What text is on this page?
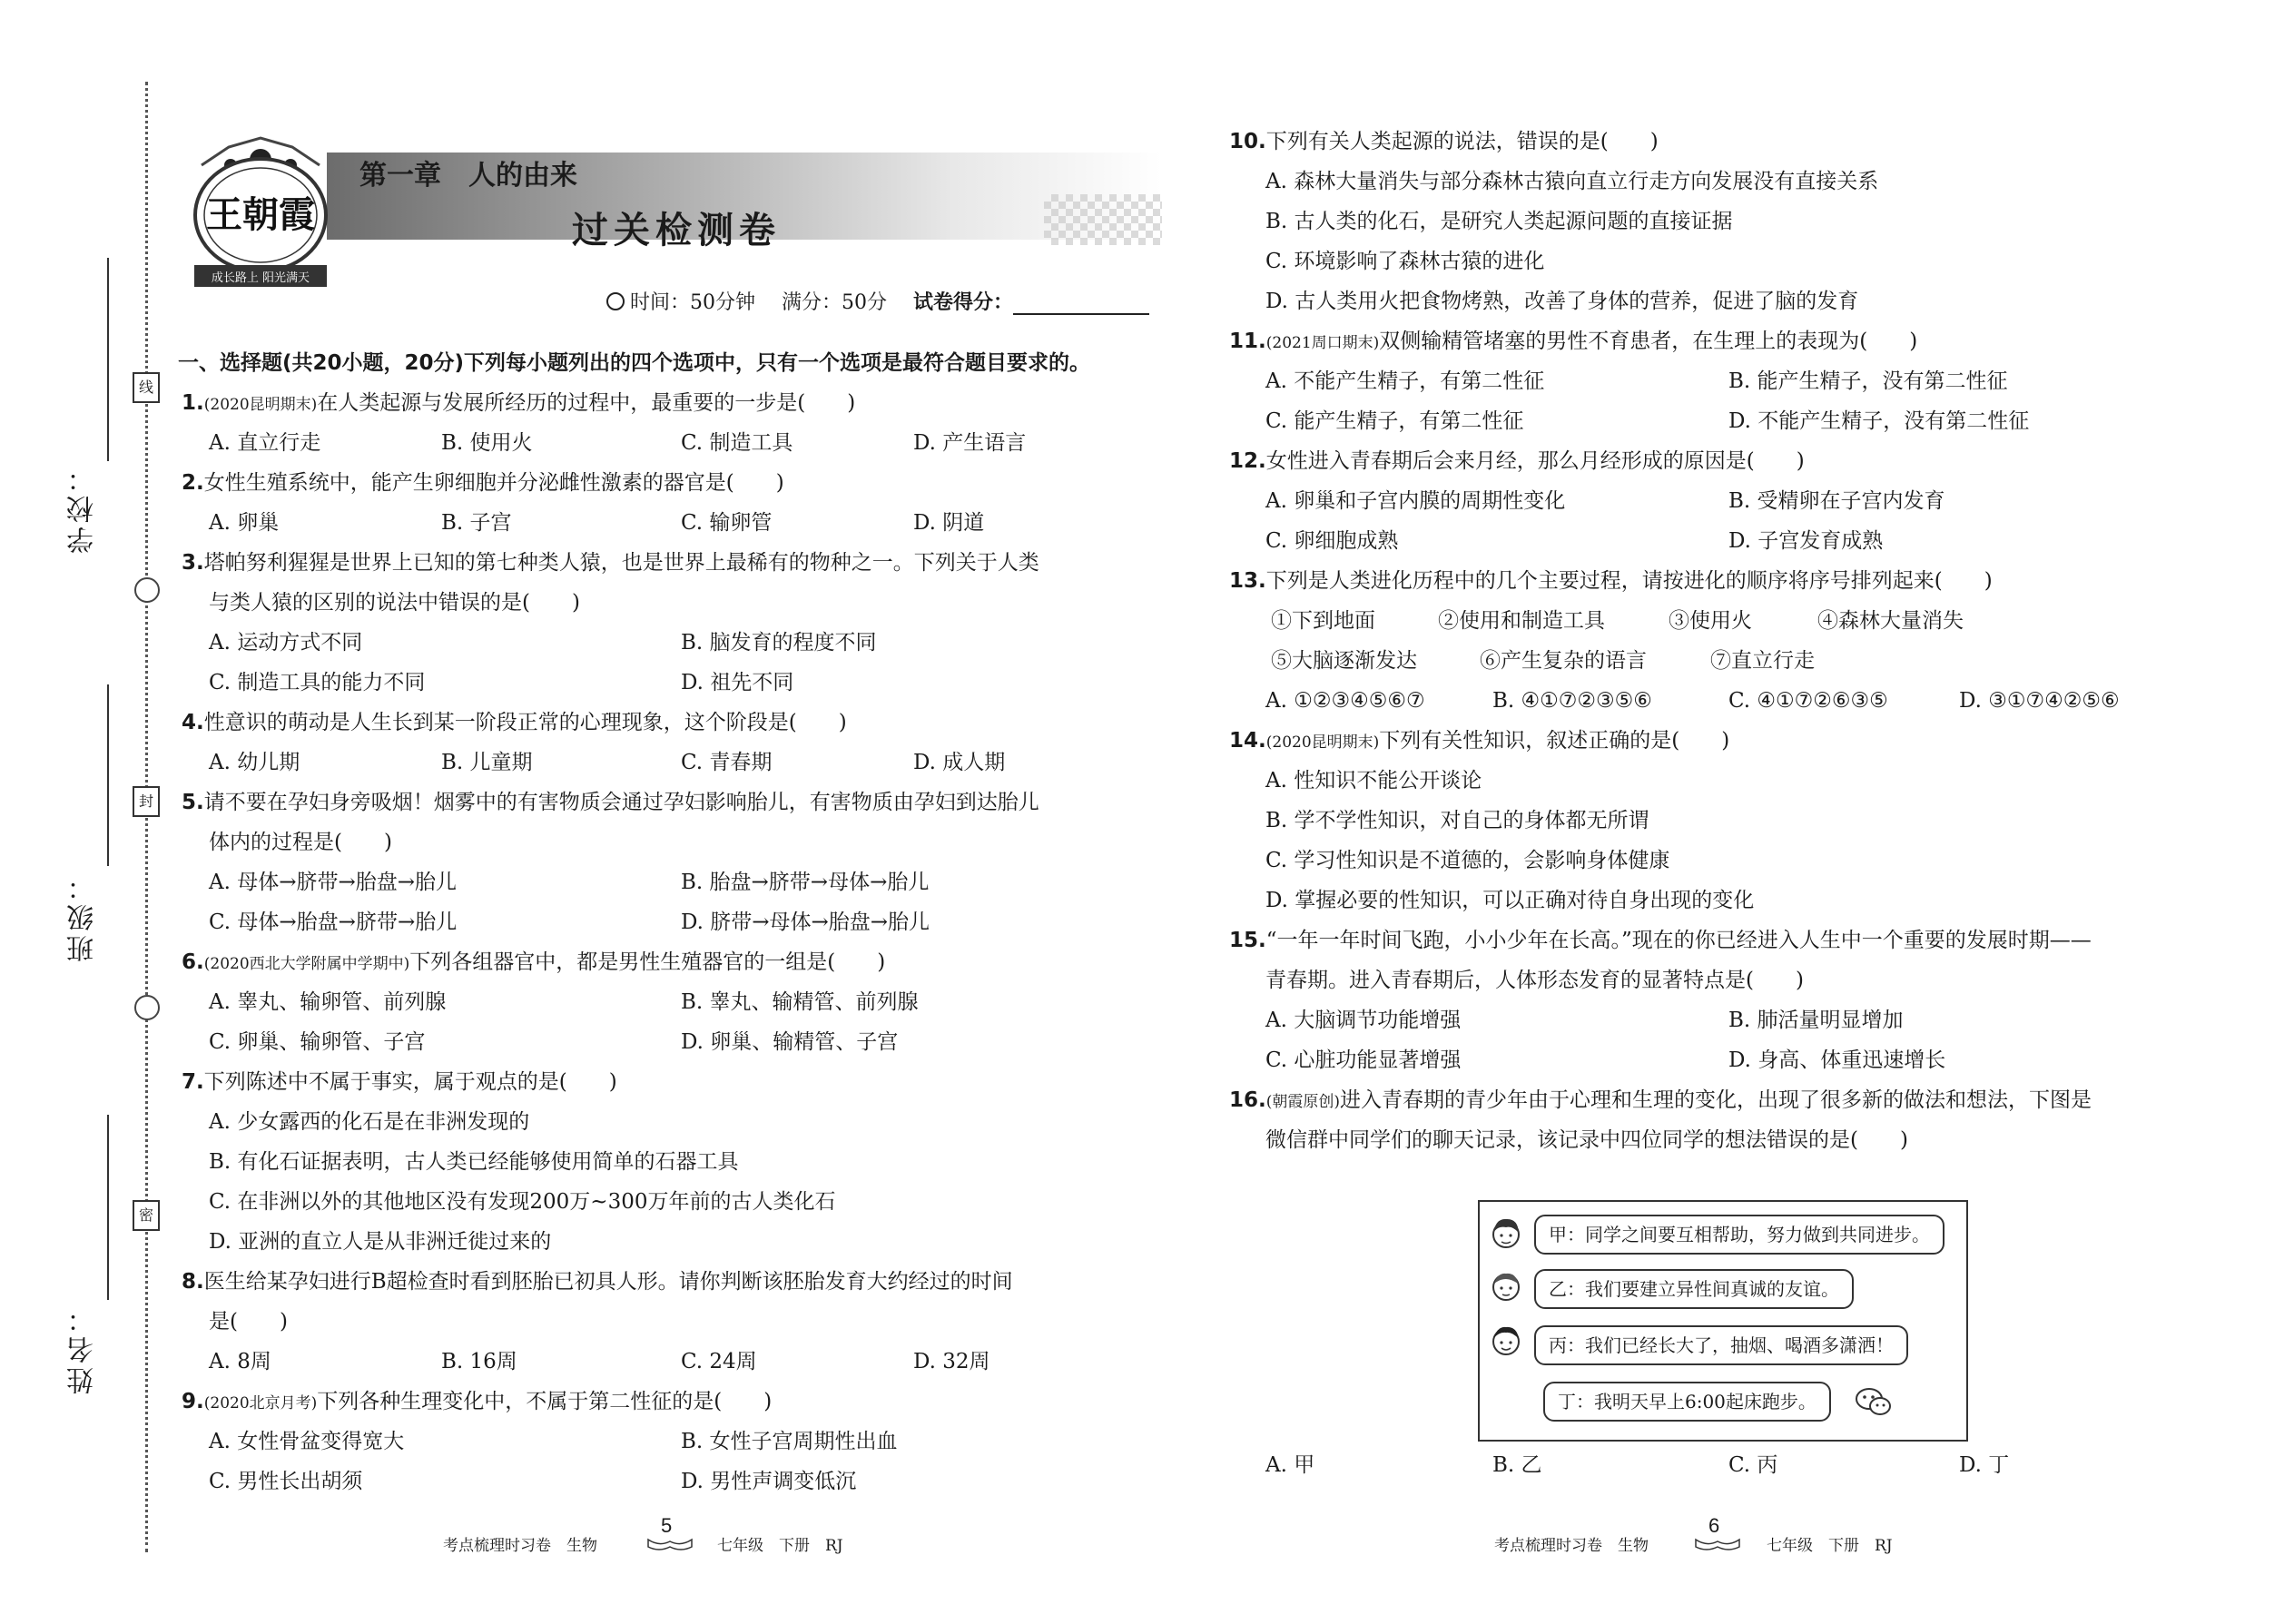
线
封
密
学校：
班级：
姓名：
王朝霞
成长路上 阳光满天
第一章　人的由来
过关检测卷
时间：50分钟 满分：50分 试卷得分：
一、选择题(共20小题，20分)下列每小题列出的四个选项中，只有一个选项是最符合题目要求的。
1.(2020昆明期末)在人类起源与发展所经历的过程中，最重要的一步是(　　)
A. 直立行走	B. 使用火	C. 制造工具	D. 产生语言
2.女性生殖系统中，能产生卵细胞并分泌雌性激素的器官是(　　)
A. 卵巢	B. 子宫	C. 输卵管	D. 阴道
3.塔帕努利猩猩是世界上已知的第七种类人猿，也是世界上最稀有的物种之一。下列关于人类
与类人猿的区别的说法中错误的是(　　)
A. 运动方式不同	B. 脑发育的程度不同
C. 制造工具的能力不同	D. 祖先不同
4.性意识的萌动是人生长到某一阶段正常的心理现象，这个阶段是(　　)
A. 幼儿期	B. 儿童期	C. 青春期	D. 成人期
5.请不要在孕妇身旁吸烟！烟雾中的有害物质会通过孕妇影响胎儿，有害物质由孕妇到达胎儿
体内的过程是(　　)
A. 母体→脐带→胎盘→胎儿	B. 胎盘→脐带→母体→胎儿
C. 母体→胎盘→脐带→胎儿	D. 脐带→母体→胎盘→胎儿
6.(2020西北大学附属中学期中)下列各组器官中，都是男性生殖器官的一组是(　　)
A. 睾丸、输卵管、前列腺	B. 睾丸、输精管、前列腺
C. 卵巢、输卵管、子宫	D. 卵巢、输精管、子宫
7.下列陈述中不属于事实，属于观点的是(　　)
A. 少女露西的化石是在非洲发现的
B. 有化石证据表明，古人类已经能够使用简单的石器工具
C. 在非洲以外的其他地区没有发现200万~300万年前的古人类化石
D. 亚洲的直立人是从非洲迁徙过来的
8.医生给某孕妇进行B超检查时看到胚胎已初具人形。请你判断该胚胎发育大约经过的时间
是(　　)
A. 8周	B. 16周	C. 24周	D. 32周
9.(2020北京月考)下列各种生理变化中，不属于第二性征的是(　　)
A. 女性骨盆变得宽大	B. 女性子宫周期性出血
C. 男性长出胡须	D. 男性声调变低沉
10.下列有关人类起源的说法，错误的是(　　)
A. 森林大量消失与部分森林古猿向直立行走方向发展没有直接关系
B. 古人类的化石，是研究人类起源问题的直接证据
C. 环境影响了森林古猿的进化
D. 古人类用火把食物烤熟，改善了身体的营养，促进了脑的发育
11.(2021周口期末)双侧输精管堵塞的男性不育患者，在生理上的表现为(　　)
A. 不能产生精子，有第二性征	B. 能产生精子，没有第二性征
C. 能产生精子，有第二性征	D. 不能产生精子，没有第二性征
12.女性进入青春期后会来月经，那么月经形成的原因是(　　)
A. 卵巢和子宫内膜的周期性变化	B. 受精卵在子宫内发育
C. 卵细胞成熟	D. 子宫发育成熟
13.下列是人类进化历程中的几个主要过程，请按进化的顺序将序号排列起来(　　)
①下到地面	②使用和制造工具	③使用火	④森林大量消失
⑤大脑逐渐发达	⑥产生复杂的语言	⑦直立行走
A. ①②③④⑤⑥⑦	B. ④①⑦②③⑤⑥	C. ④①⑦②⑥③⑤	D. ③①⑦④②⑤⑥
14.(2020昆明期末)下列有关性知识，叙述正确的是(　　)
A. 性知识不能公开谈论
B. 学不学性知识，对自己的身体都无所谓
C. 学习性知识是不道德的，会影响身体健康
D. 掌握必要的性知识，可以正确对待自身出现的变化
15.“一年一年时间飞跑，小小少年在长高。”现在的你已经进入人生中一个重要的发展时期——
青春期。进入青春期后，人体形态发育的显著特点是(　　)
A. 大脑调节功能增强	B. 肺活量明显增加
C. 心脏功能显著增强	D. 身高、体重迅速增长
16.(朝霞原创)进入青春期的青少年由于心理和生理的变化，出现了很多新的做法和想法，下图是
微信群中同学们的聊天记录，该记录中四位同学的想法错误的是(　　)
A. 甲	B. 乙	C. 丙	D. 丁
甲：同学之间要互相帮助，努力做到共同进步。
乙：我们要建立异性间真诚的友谊。
丙：我们已经长大了，抽烟、喝酒多潇洒！
丁：我明天早上6:00起床跑步。
考点梳理时习卷　生物
5
七年级　下册　RJ	考点梳理时习卷　生物
6
七年级　下册　RJ
